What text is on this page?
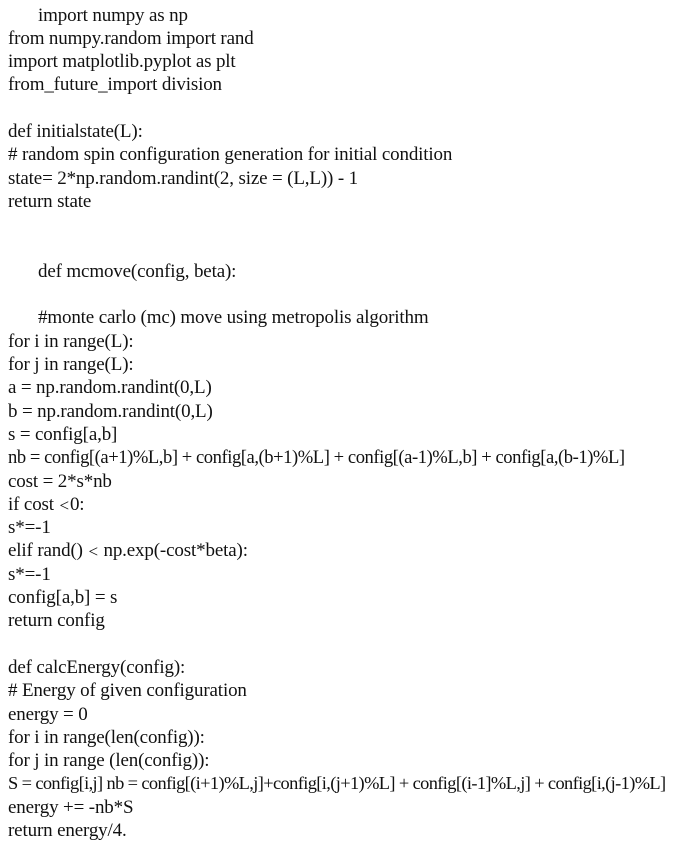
import numpy as np
from numpy.random import rand
import matplotlib.pyplot as plt
from_future_import division
def initialstate(L):
# random spin configuration generation for initial condition
state= 2*np.random.randint(2, size = (L,L)) - 1
return state
def mcmove(config, beta):
#monte carlo (mc) move using metropolis algorithm
for i in range(L):
for j in range(L):
a = np.random.randint(0,L)
b = np.random.randint(0,L)
s = config[a,b]
nb = config[(a+1)%L,b] + config[a,(b+1)%L] + config[(a-1)%L,b] + config[a,(b-1)%L]
cost = 2*s*nb
if cost <0:
s*=-1
elif rand() < np.exp(-cost*beta):
s*=-1
config[a,b] = s
return config
def calcEnergy(config):
# Energy of given configuration
energy = 0
for i in range(len(config)):
for j in range (len(config)):
S = config[i,j] nb = config[(i+1)%L,j]+config[i,(j+1)%L] + config[(i-1]%L,j] + config[i,(j-1)%L]
energy += -nb*S
return energy/4.
